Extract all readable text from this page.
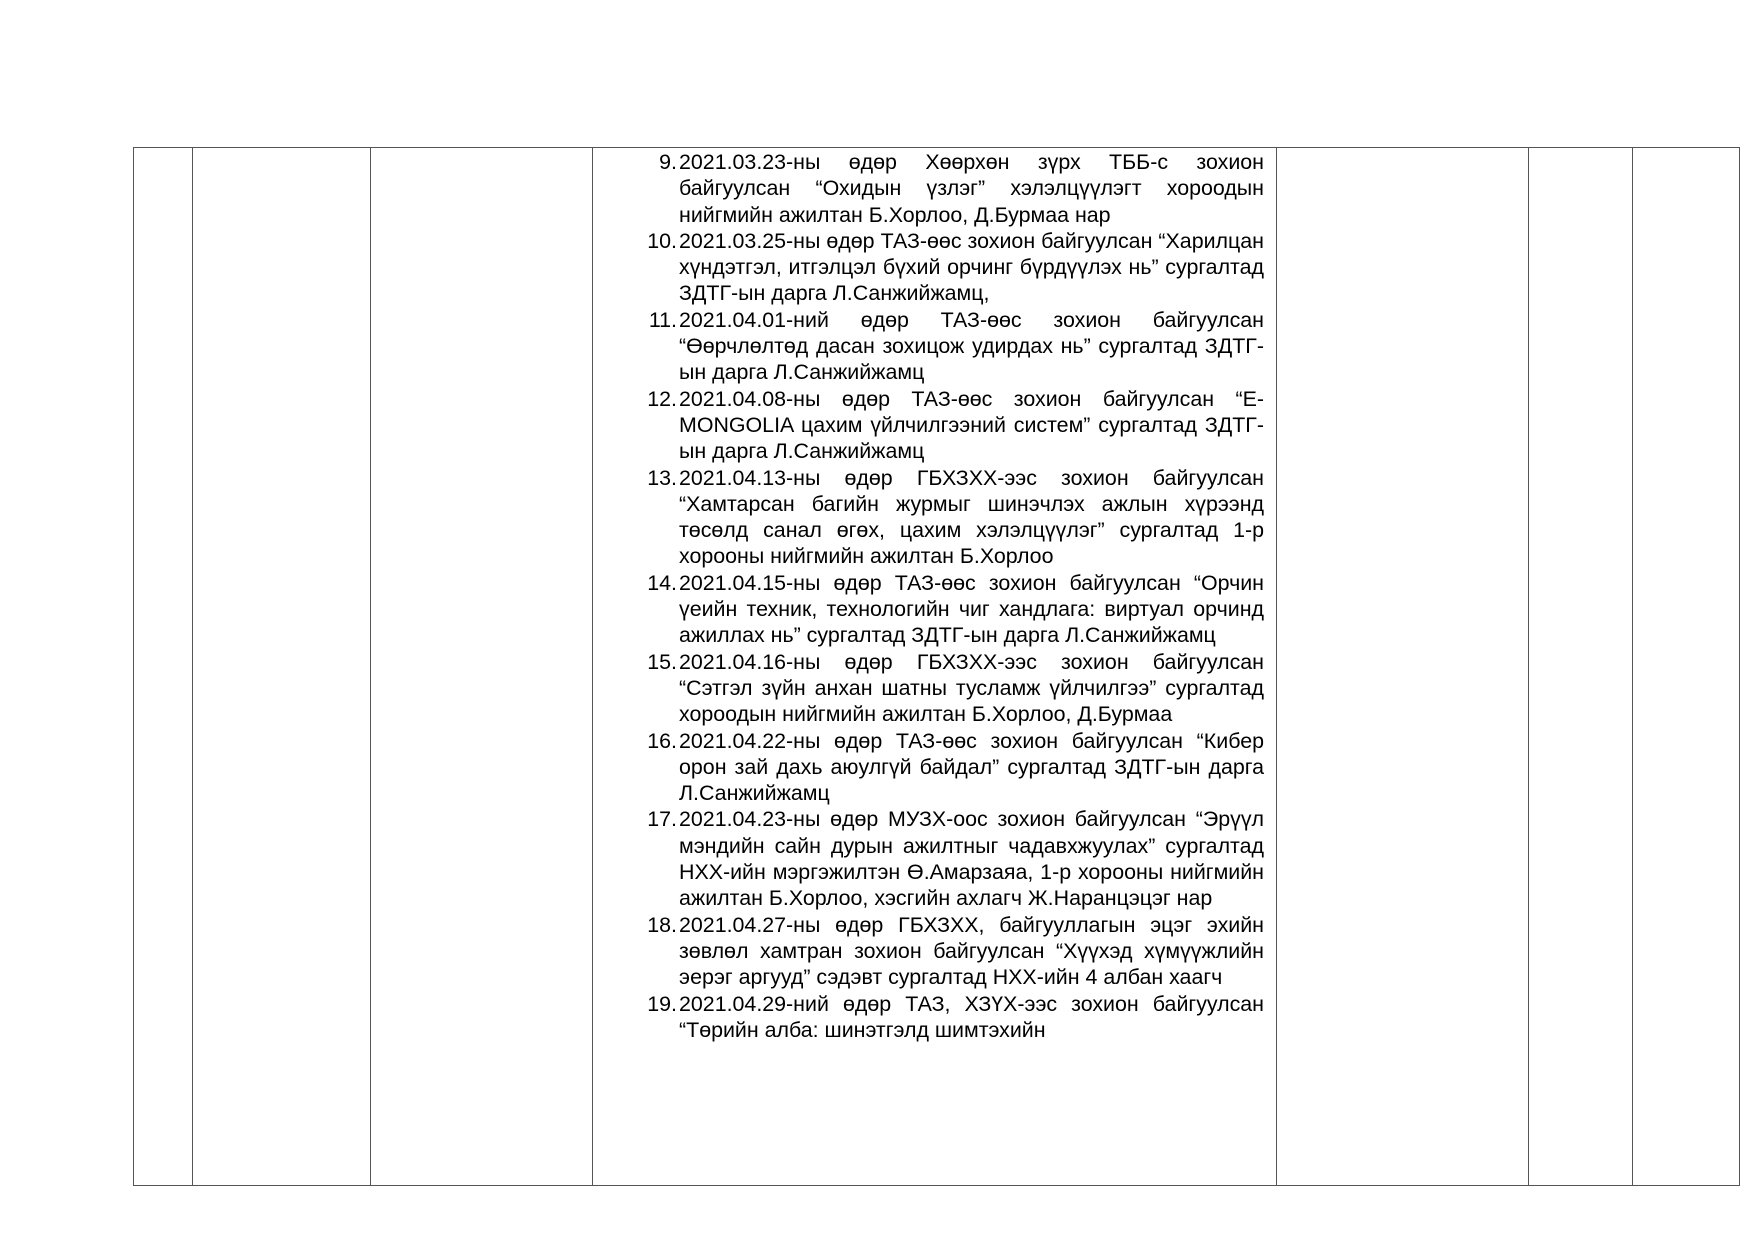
9. 2021.03.23-ны өдөр Хөөрхөн зүрх ТББ-с зохион байгуулсан “Охидын үзлэг” хэлэлцүүлэгт хороодын нийгмийн ажилтан Б.Хорлоо, Д.Бурмаа нар
10. 2021.03.25-ны өдөр ТАЗ-өөс зохион байгуулсан “Харилцан хүндэтгэл, итгэлцэл бүхий орчинг бүрдүүлэх нь” сургалтад ЗДТГ-ын дарга Л.Санжийжамц,
11. 2021.04.01-ний өдөр ТАЗ-өөс зохион байгуулсан “Өөрчлөлтөд дасан зохицож удирдах нь” сургалтад ЗДТГ-ын дарга Л.Санжийжамц
12. 2021.04.08-ны өдөр ТАЗ-өөс зохион байгуулсан “E-MONGOLIA цахим үйлчилгээний систем” сургалтад ЗДТГ-ын дарга Л.Санжийжамц
13. 2021.04.13-ны өдөр ГБХЗХХ-ээс зохион байгуулсан “Хамтарсан багийн журмыг шинэчлэх ажлын хүрээнд төсөлд санал өгөх, цахим хэлэлцүүлэг” сургалтад 1-р хорооны нийгмийн ажилтан Б.Хорлоо
14. 2021.04.15-ны өдөр ТАЗ-өөс зохион байгуулсан “Орчин үеийн техник, технологийн чиг хандлага: виртуал орчинд ажиллах нь” сургалтад ЗДТГ-ын дарга Л.Санжийжамц
15. 2021.04.16-ны өдөр ГБХЗХХ-ээс зохион байгуулсан “Сэтгэл зүйн анхан шатны тусламж үйлчилгээ” сургалтад хороодын нийгмийн ажилтан Б.Хорлоо, Д.Бурмаа
16. 2021.04.22-ны өдөр ТАЗ-өөс зохион байгуулсан “Кибер орон зай дахь аюулгүй байдал” сургалтад ЗДТГ-ын дарга Л.Санжийжамц
17. 2021.04.23-ны өдөр МУЗХ-оос зохион байгуулсан “Эрүүл мэндийн сайн дурын ажилтныг чадавхжуулах” сургалтад НХХ-ийн мэргэжилтэн Ө.Амарзаяа, 1-р хорооны нийгмийн ажилтан Б.Хорлоо, хэсгийн ахлагч Ж.Наранцэцэг нар
18. 2021.04.27-ны өдөр ГБХЗХХ, байгууллагын эцэг эхийн зөвлөл хамтран зохион байгуулсан “Хүүхэд хүмүүжлийн эерэг аргууд” сэдэвт сургалтад НХХ-ийн 4 албан хаагч
19. 2021.04.29-ний өдөр ТАЗ, ХЗҮХ-ээс зохион байгуулсан “Төрийн алба: шинэтгэлд шимтэхийн
